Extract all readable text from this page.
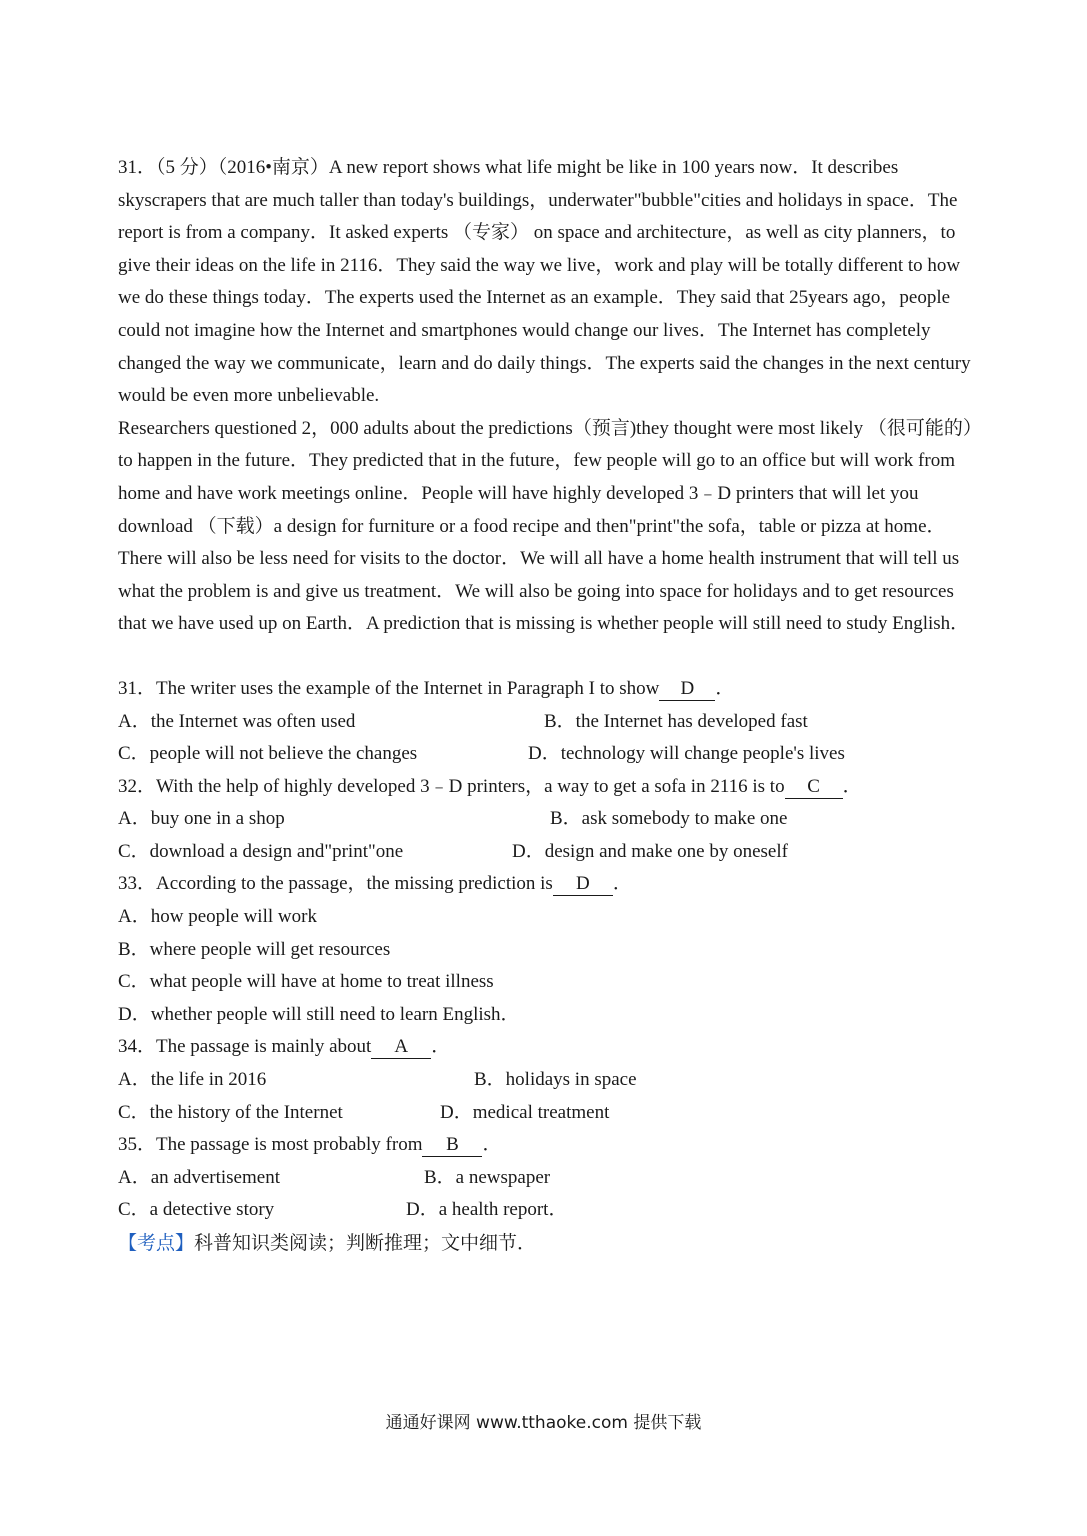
31．（5 分）（2016•南京）A new report shows what life might be like in 100 years now．It describes skyscrapers that are much taller than today's buildings，underwater"bubble"cities and holidays in space．The report is from a company．It asked experts （专家） on space and architecture，as well as city planners，to give their ideas on the life in 2116．They said the way we live，work and play will be totally different to how we do these things today．The experts used the Internet as an example．They said that 25years ago，people could not imagine how the Internet and smartphones would change our lives．The Internet has completely changed the way we communicate，learn and do daily things．The experts said the changes in the next century would be even more unbelievable.

Researchers questioned 2，000 adults about the predictions（预言)they thought were most likely （很可能的）to happen in the future．They predicted that in the future，few people will go to an office but will work from home and have work meetings online．People will have highly developed 3﹣D printers that will let you download （下载）a design for furniture or a food recipe and then"print"the sofa，table or pizza at home．There will also be less need for visits to the doctor．We will all have a home health instrument that will tell us what the problem is and give us treatment．We will also be going into space for holidays and to get resources that we have used up on Earth．A prediction that is missing is whether people will still need to study English．

31．The writer uses the example of the Internet in Paragraph I to show D ．

A．the Internet was often used	B．the Internet has developed fast
C．people will not believe the changes	D．technology will change people's lives

32．With the help of highly developed 3﹣D printers，a way to get a sofa in 2116 is to C ．

A．buy one in a shop	B．ask somebody to make one
C．download a design and"print"one	D．design and make one by oneself

33．According to the passage，the missing prediction is D ．

A．how people will work
B．where people will get resources
C．what people will have at home to treat illness
D．whether people will still need to learn English．

34．The passage is mainly about A ．

A．the life in 2016	B．holidays in space
C．the history of the Internet	D．medical treatment

35．The passage is most probably from B ．

A．an advertisement	B．a newspaper
C．a detective story	D．a health report．

【考点】科普知识类阅读；判断推理；文中细节．

通通好课网 www.tthaoke.com 提供下载
